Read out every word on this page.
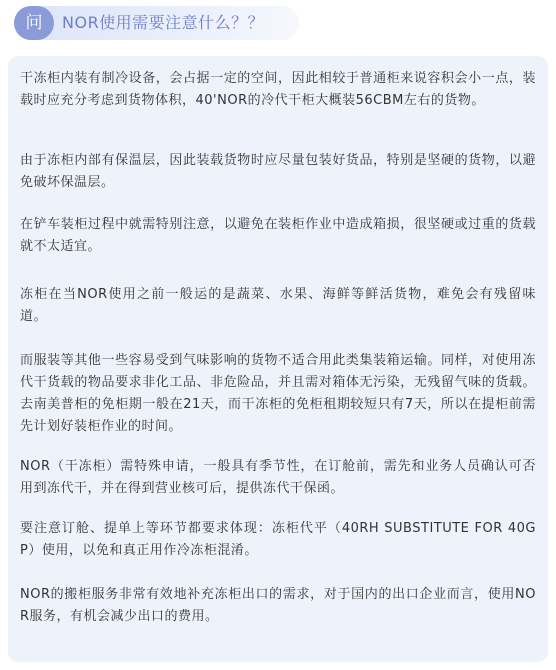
问	NOR使用需要注意什么？？

干冻柜内装有制冷设备，会占据一定的空间，因此相较于普通柜来说容积会小一点，装载时应充分考虑到货物体积，40'NOR的冷代干柜大概装56CBM左右的货物。

由于冻柜内部有保温层，因此装载货物时应尽量包装好货品，特别是坚硬的货物，以避免破坏保温层。

在铲车装柜过程中就需特别注意，以避免在装柜作业中造成箱损，很坚硬或过重的货载就不太适宜。

冻柜在当NOR使用之前一般运的是蔬菜、水果、海鲜等鲜活货物，难免会有残留味道。

而服装等其他一些容易受到气味影响的货物不适合用此类集装箱运输。同样，对使用冻代干货载的物品要求非化工品、非危险品，并且需对箱体无污染，无残留气味的货载。去南美普柜的免柜期一般在21天，而干冻柜的免柜租期较短只有7天，所以在提柜前需先计划好装柜作业的时间。

NOR（干冻柜）需特殊申请，一般具有季节性，在订舱前，需先和业务人员确认可否用到冻代干，并在得到营业核可后，提供冻代干保函。

要注意订舱、提单上等环节都要求体现：冻柜代平（40RH SUBSTITUTE FOR 40GP）使用，以免和真正用作冷冻柜混淆。

NOR的搬柜服务非常有效地补充冻柜出口的需求，对于国内的出口企业而言，使用NOR服务，有机会减少出口的费用。
